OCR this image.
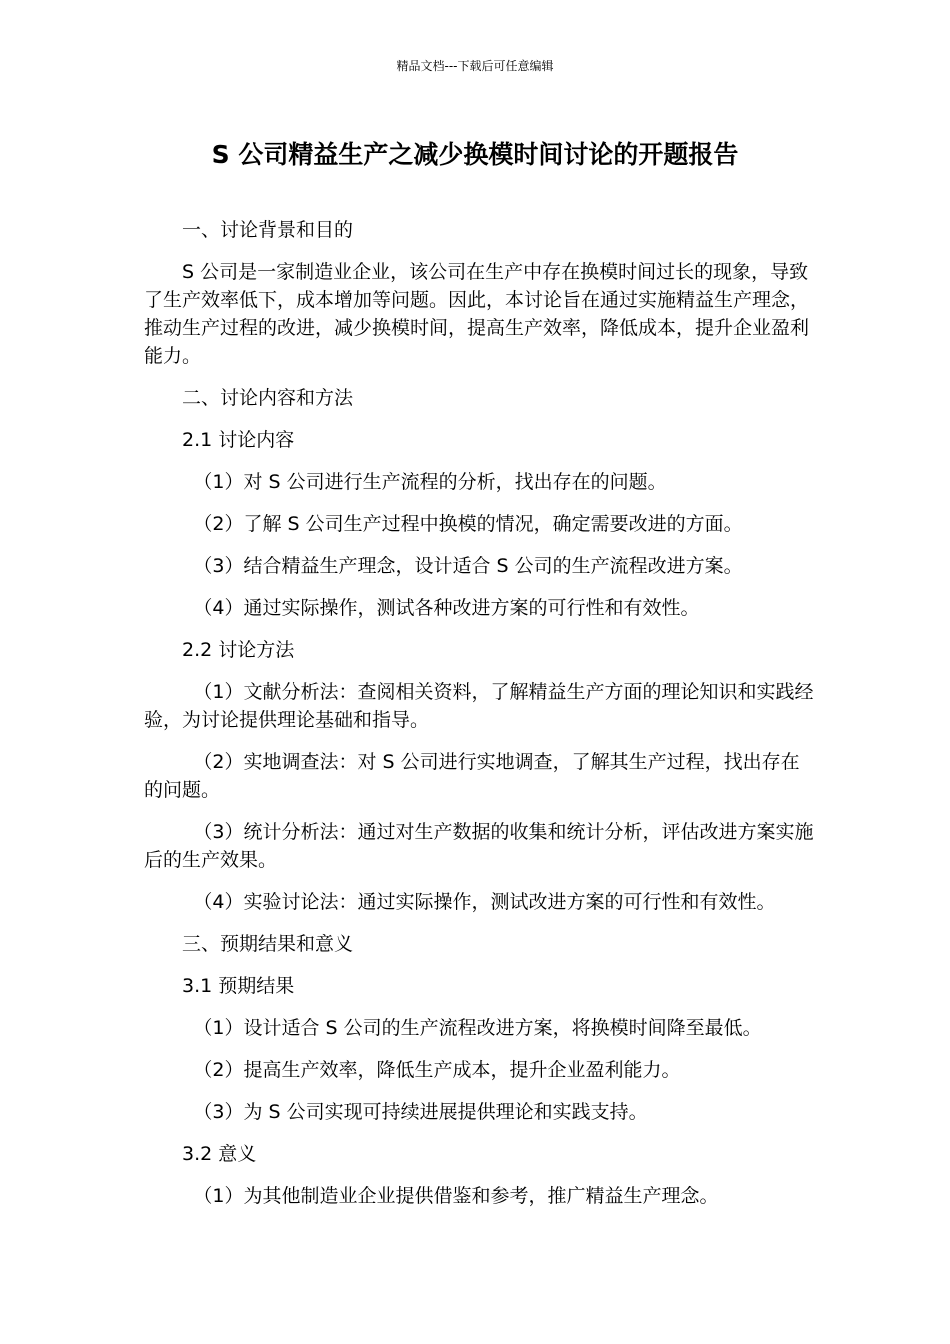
精品文档---下载后可任意编辑
S 公司精益生产之减少换模时间讨论的开题报告

一、讨论背景和目的

S 公司是一家制造业企业，该公司在生产中存在换模时间过长的现象，导致了生产效率低下，成本增加等问题。因此，本讨论旨在通过实施精益生产理念，推动生产过程的改进，减少换模时间，提高生产效率，降低成本，提升企业盈利能力。

二、讨论内容和方法

2.1 讨论内容

（1）对 S 公司进行生产流程的分析，找出存在的问题。

（2）了解 S 公司生产过程中换模的情况，确定需要改进的方面。

（3）结合精益生产理念，设计适合 S 公司的生产流程改进方案。

（4）通过实际操作，测试各种改进方案的可行性和有效性。

2.2 讨论方法

（1）文献分析法：查阅相关资料，了解精益生产方面的理论知识和实践经验，为讨论提供理论基础和指导。

（2）实地调查法：对 S 公司进行实地调查，了解其生产过程，找出存在的问题。

（3）统计分析法：通过对生产数据的收集和统计分析，评估改进方案实施后的生产效果。

（4）实验讨论法：通过实际操作，测试改进方案的可行性和有效性。

三、预期结果和意义

3.1 预期结果

（1）设计适合 S 公司的生产流程改进方案，将换模时间降至最低。

（2）提高生产效率，降低生产成本，提升企业盈利能力。

（3）为 S 公司实现可持续进展提供理论和实践支持。

3.2 意义

（1）为其他制造业企业提供借鉴和参考，推广精益生产理念。
